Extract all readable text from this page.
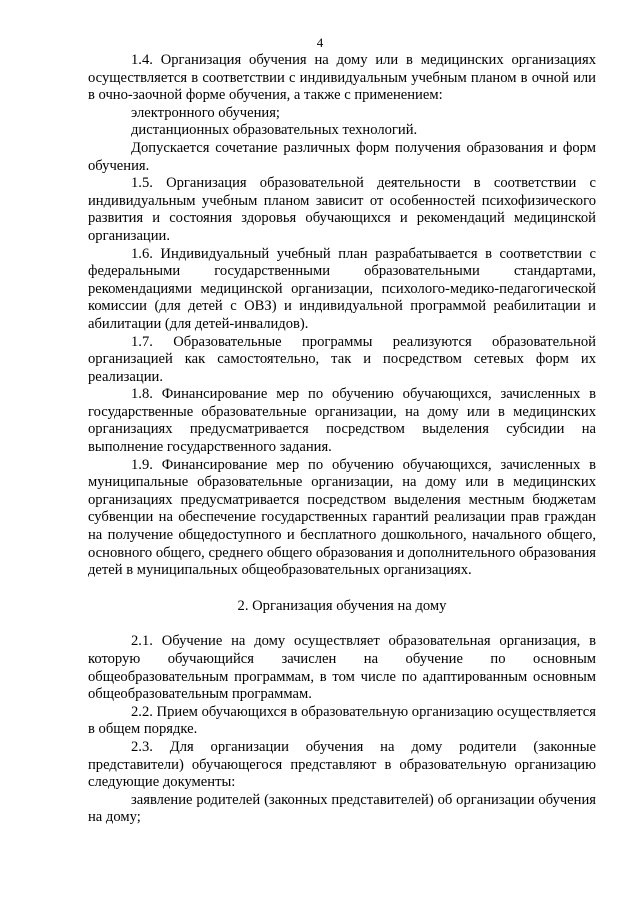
4

1.4. Организация обучения на дому или в медицинских организациях осуществляется в соответствии с индивидуальным учебным планом в очной или в очно-заочной форме обучения, а также с применением:

электронного обучения;

дистанционных образовательных технологий.

Допускается сочетание различных форм получения образования и форм обучения.

1.5. Организация образовательной деятельности в соответствии с индивидуальным учебным планом зависит от особенностей психофизического развития и состояния здоровья обучающихся и рекомендаций медицинской организации.

1.6. Индивидуальный учебный план разрабатывается в соответствии с федеральными государственными образовательными стандартами, рекомендациями медицинской организации, психолого-медико-педагогической комиссии (для детей с ОВЗ) и индивидуальной программой реабилитации и абилитации (для детей-инвалидов).

1.7. Образовательные программы реализуются образовательной организацией как самостоятельно, так и посредством сетевых форм их реализации.

1.8. Финансирование мер по обучению обучающихся, зачисленных в государственные образовательные организации, на дому или в медицинских организациях предусматривается посредством выделения субсидии на выполнение государственного задания.

1.9. Финансирование мер по обучению обучающихся, зачисленных в муниципальные образовательные организации, на дому или в медицинских организациях предусматривается посредством выделения местным бюджетам субвенции на обеспечение государственных гарантий реализации прав граждан на получение общедоступного и бесплатного дошкольного, начального общего, основного общего, среднего общего образования и дополнительного образования детей в муниципальных общеобразовательных организациях.

2. Организация обучения на дому

2.1. Обучение на дому осуществляет образовательная организация, в которую обучающийся зачислен на обучение по основным общеобразовательным программам, в том числе по адаптированным основным общеобразовательным программам.

2.2. Прием обучающихся в образовательную организацию осуществляется в общем порядке.

2.3. Для организации обучения на дому родители (законные представители) обучающегося представляют в образовательную организацию следующие документы:

заявление родителей (законных представителей) об организации обучения на дому;
